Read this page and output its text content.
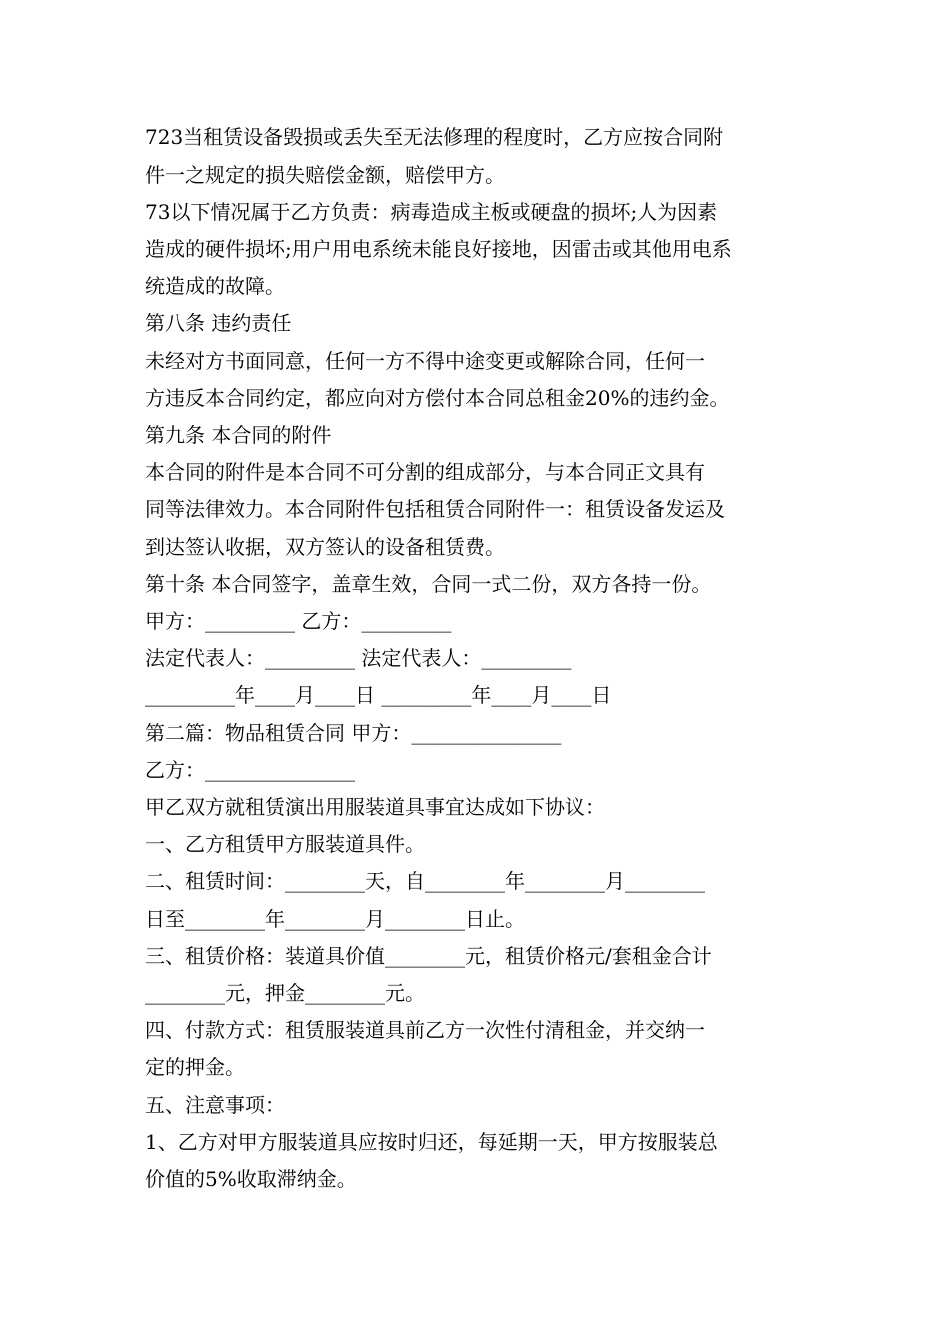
723当租赁设备毁损或丢失至无法修理的程度时，乙方应按合同附
件一之规定的损失赔偿金额，赔偿甲方。
73以下情况属于乙方负责：病毒造成主板或硬盘的损坏;人为因素
造成的硬件损坏;用户用电系统未能良好接地，因雷击或其他用电系
统造成的故障。
第八条 违约责任
未经对方书面同意，任何一方不得中途变更或解除合同，任何一
方违反本合同约定，都应向对方偿付本合同总租金20%的违约金。
第九条 本合同的附件
本合同的附件是本合同不可分割的组成部分，与本合同正文具有
同等法律效力。本合同附件包括租赁合同附件一：租赁设备发运及
到达签认收据，双方签认的设备租赁费。
第十条 本合同签字，盖章生效，合同一式二份，双方各持一份。
甲方：_________ 乙方：_________
法定代表人：_________ 法定代表人：_________
_________年____月____日 _________年____月____日
第二篇：物品租赁合同 甲方：_______________
乙方：_______________
甲乙双方就租赁演出用服装道具事宜达成如下协议：
一、乙方租赁甲方服装道具件。
二、租赁时间：________天，自________年________月________
日至________年________月________日止。
三、租赁价格：装道具价值________元，租赁价格元/套租金合计
________元，押金________元。
四、付款方式：租赁服装道具前乙方一次性付清租金，并交纳一
定的押金。
五、注意事项：
1、乙方对甲方服装道具应按时归还，每延期一天，甲方按服装总
价值的5%收取滞纳金。
